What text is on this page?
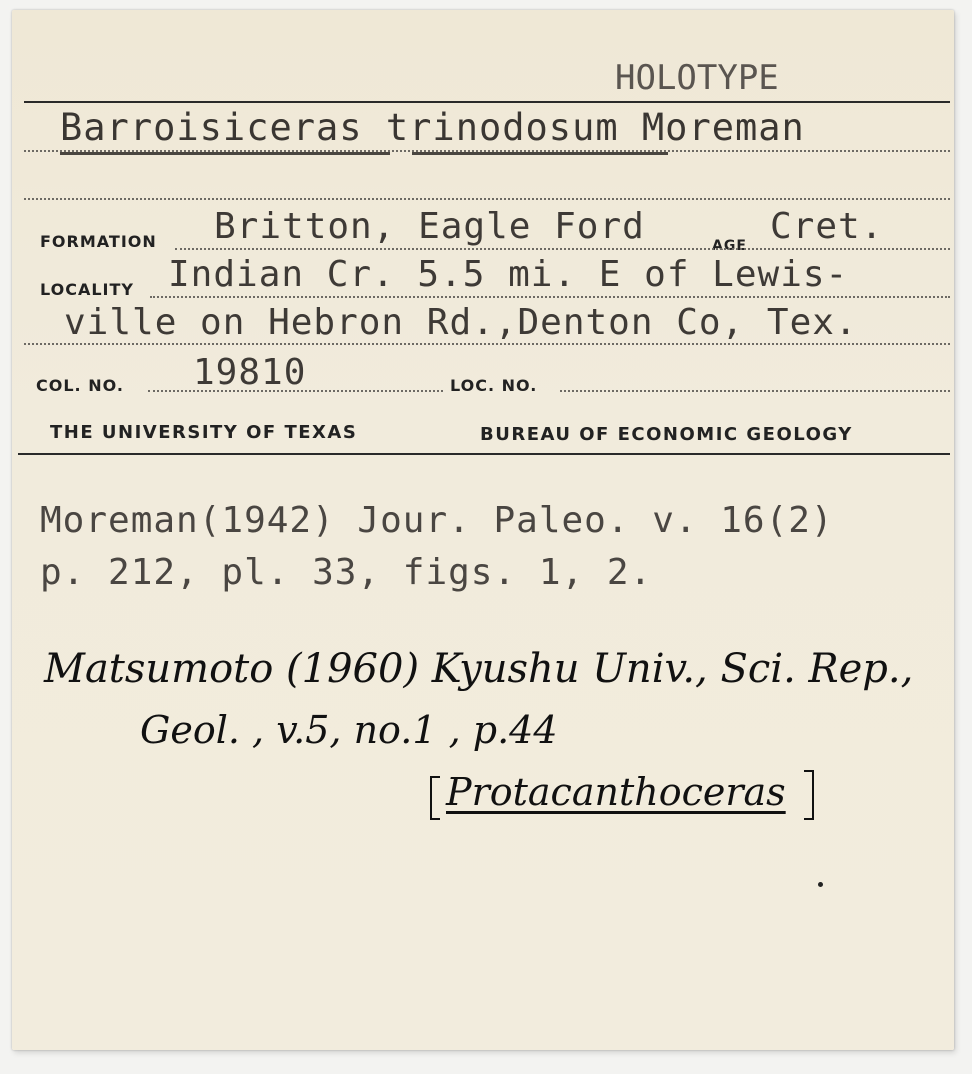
HOLOTYPE
Barroisiceras trinodosum Moreman
FORMATION Britton, Eagle Ford	AGE Cret.
LOCALITY Indian Cr. 5.5 mi. E of Lewis-
ville on Hebron Rd.,Denton Co, Tex.
COL. NO. 19810	LOC. NO.
THE UNIVERSITY OF TEXAS	BUREAU OF ECONOMIC GEOLOGY
Moreman(1942) Jour. Paleo. v. 16(2)
p. 212, pl. 33, figs. 1, 2.
Matsumoto (1960) Kyushu Univ., Sci. Rep.,
Geol. , v.5, no.1 , p.44
Protacanthoceras
